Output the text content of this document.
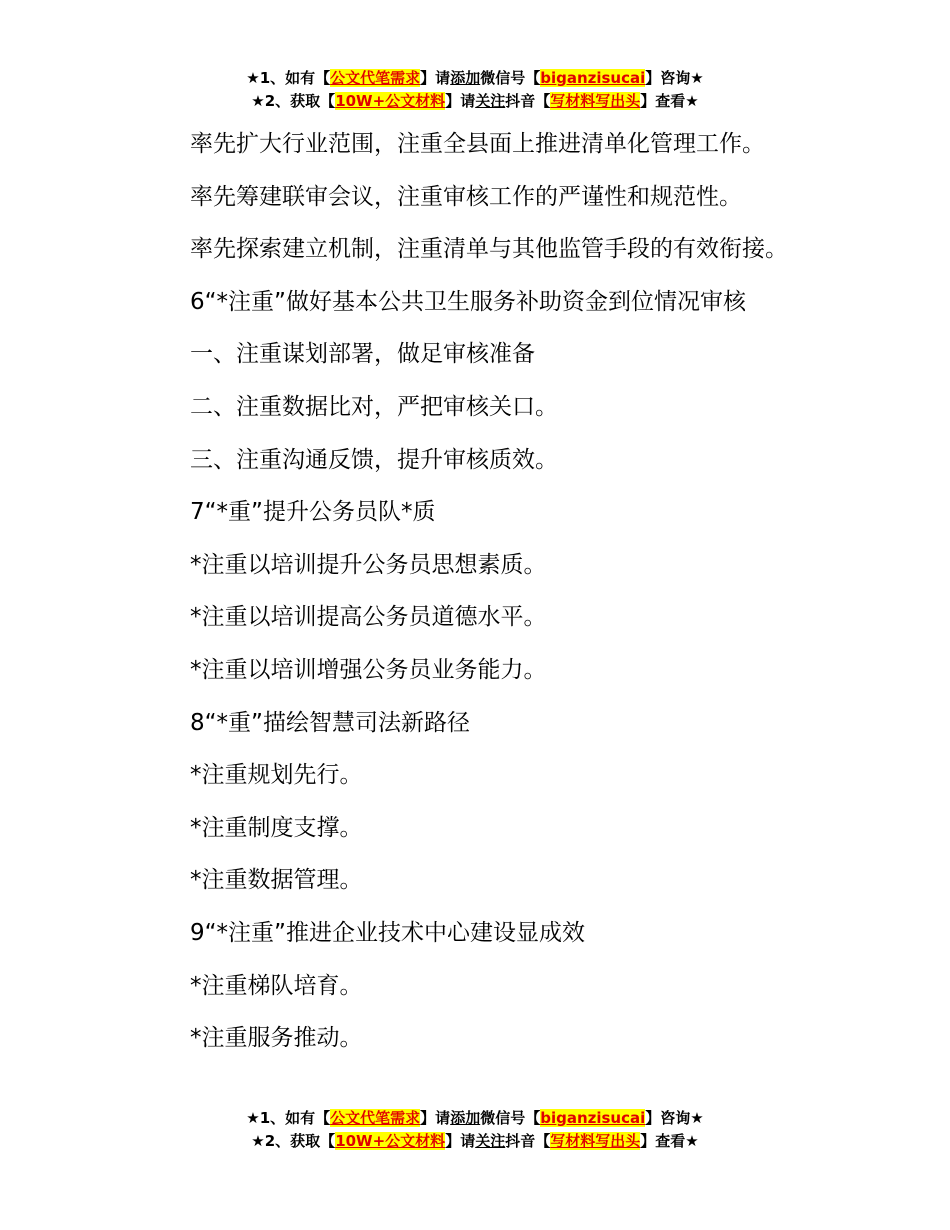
★1、如有【公文代笔需求】请添加微信号【biganzisucai】咨询★
★2、获取【10W+公文材料】请关注抖音【写材料写出头】查看★
率先扩大行业范围，注重全县面上推进清单化管理工作。
率先筹建联审会议，注重审核工作的严谨性和规范性。
率先探索建立机制，注重清单与其他监管手段的有效衔接。
6“*注重”做好基本公共卫生服务补助资金到位情况审核
一、注重谋划部署，做足审核准备
二、注重数据比对，严把审核关口。
三、注重沟通反馈，提升审核质效。
7“*重”提升公务员队*质
*注重以培训提升公务员思想素质。
*注重以培训提高公务员道德水平。
*注重以培训增强公务员业务能力。
8“*重”描绘智慧司法新路径
*注重规划先行。
*注重制度支撑。
*注重数据管理。
9“*注重”推进企业技术中心建设显成效
*注重梯队培育。
*注重服务推动。
★1、如有【公文代笔需求】请添加微信号【biganzisucai】咨询★
★2、获取【10W+公文材料】请关注抖音【写材料写出头】查看★
